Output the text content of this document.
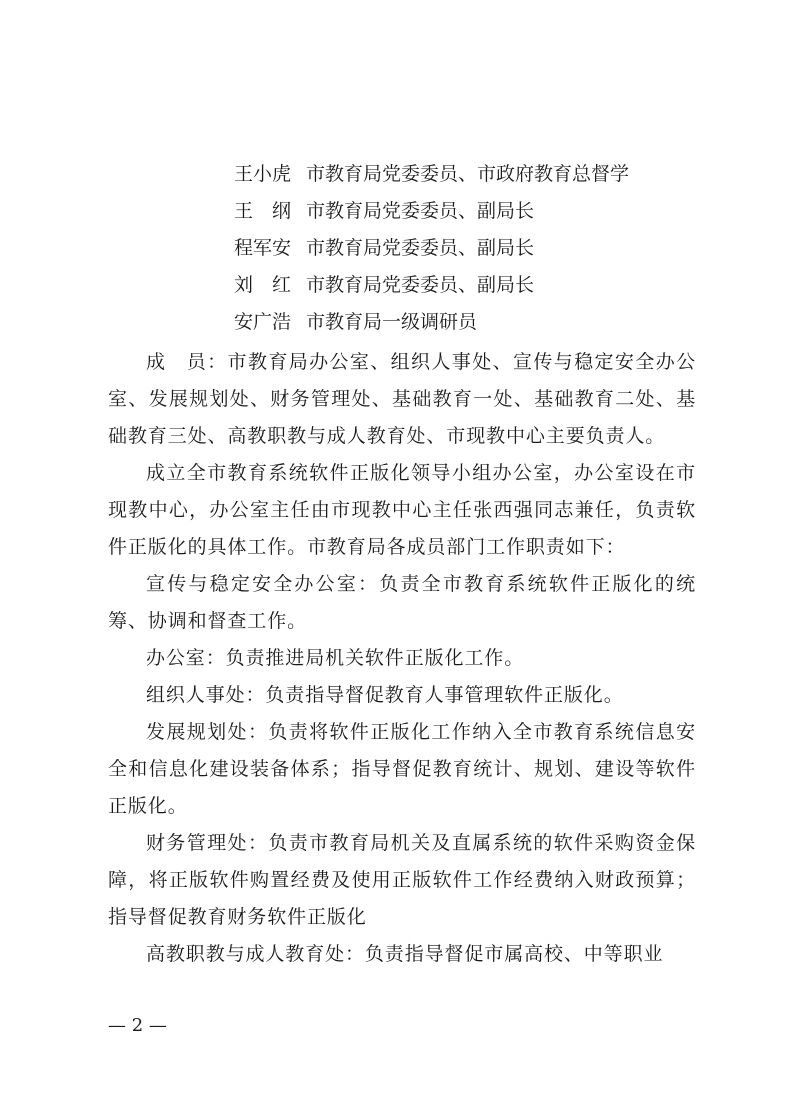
王小虎 市教育局党委委员、市政府教育总督学
王　纲 市教育局党委委员、副局长
程军安 市教育局党委委员、副局长
刘　红 市教育局党委委员、副局长
安广浩 市教育局一级调研员

成　员：市教育局办公室、组织人事处、宣传与稳定安全办公室、发展规划处、财务管理处、基础教育一处、基础教育二处、基础教育三处、高教职教与成人教育处、市现教中心主要负责人。

成立全市教育系统软件正版化领导小组办公室，办公室设在市现教中心，办公室主任由市现教中心主任张西强同志兼任，负责软件正版化的具体工作。市教育局各成员部门工作职责如下：

宣传与稳定安全办公室：负责全市教育系统软件正版化的统筹、协调和督查工作。

办公室：负责推进局机关软件正版化工作。

组织人事处：负责指导督促教育人事管理软件正版化。

发展规划处：负责将软件正版化工作纳入全市教育系统信息安全和信息化建设装备体系；指导督促教育统计、规划、建设等软件正版化。

财务管理处：负责市教育局机关及直属系统的软件采购资金保障，将正版软件购置经费及使用正版软件工作经费纳入财政预算；指导督促教育财务软件正版化

高教职教与成人教育处：负责指导督促市属高校、中等职业

— 2 —
